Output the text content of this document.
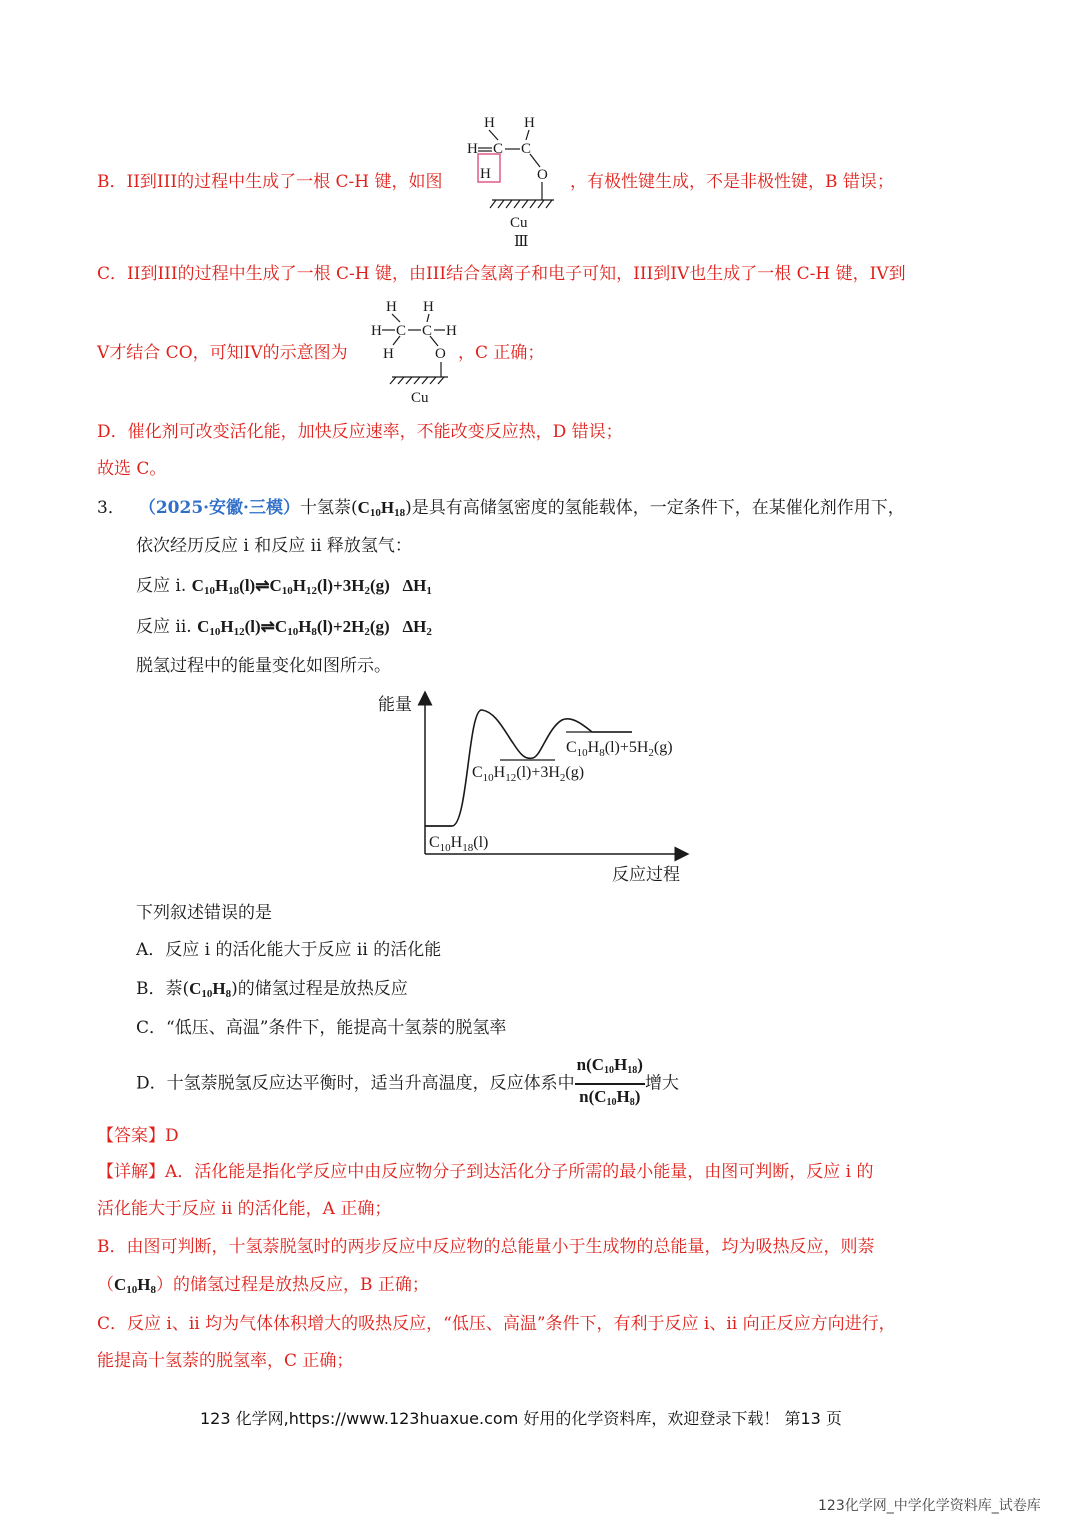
B．II到III的过程中生成了一根 C-H 键，如图
H H
H C C
H	O
Cu
Ⅲ
，有极性键生成，不是非极性键，B 错误；
C．II到III的过程中生成了一根 C-H 键，由III结合氢离子和电子可知，III到IV也生成了一根 C-H 键，IV到
V才结合 CO，可知IV的示意图为
H H
H C C H
H	O
Cu
，C 正确；
D．催化剂可改变活化能，加快反应速率，不能改变反应热，D 错误；
故选 C。
3． （2025·安徽·三模）十氢萘$(C_{10}H_{18})$是具有高储氢密度的氢能载体，一定条件下，在某催化剂作用下，
依次经历反应 i 和反应 ii 释放氢气：
反应 i. $C_{10}H_{18}(l)\rightleftharpoons C_{10}H_{12}(l)+3H_2(g)$   $\Delta H_1$
反应 ii. $C_{10}H_{12}(l)\rightleftharpoons C_{10}H_8(l)+2H_2(g)$   $\Delta H_2$
脱氢过程中的能量变化如图所示。
能量
反应过程
$C_{10}H_{18}(l)$
$C_{10}H_{12}(l)+3H_2(g)$
$C_{10}H_8(l)+5H_2(g)$
下列叙述错误的是
A．反应 i 的活化能大于反应 ii 的活化能
B．萘$(C_{10}H_8)$的储氢过程是放热反应
C．“低压、高温”条件下，能提高十氢萘的脱氢率
D．十氢萘脱氢反应达平衡时，适当升高温度，反应体系中 $\frac{n(C_{10}H_{18})}{n(C_{10}H_8)}$ 增大
【答案】D
【详解】A．活化能是指化学反应中由反应物分子到达活化分子所需的最小能量，由图可判断，反应 i 的
活化能大于反应 ii 的活化能，A 正确；
B．由图可判断，十氢萘脱氢时的两步反应中反应物的总能量小于生成物的总能量，均为吸热反应，则萘
$(C_{10}H_8)$的储氢过程是放热反应，B 正确；
C．反应 i、ii 均为气体体积增大的吸热反应，“低压、高温”条件下，有利于反应 i、ii 向正反应方向进行，
能提高十氢萘的脱氢率，C 正确；
123 化学网,https://www.123huaxue.com 好用的化学资料库，欢迎登录下载！ 第13 页
123化学网_中学化学资料库_试卷库
